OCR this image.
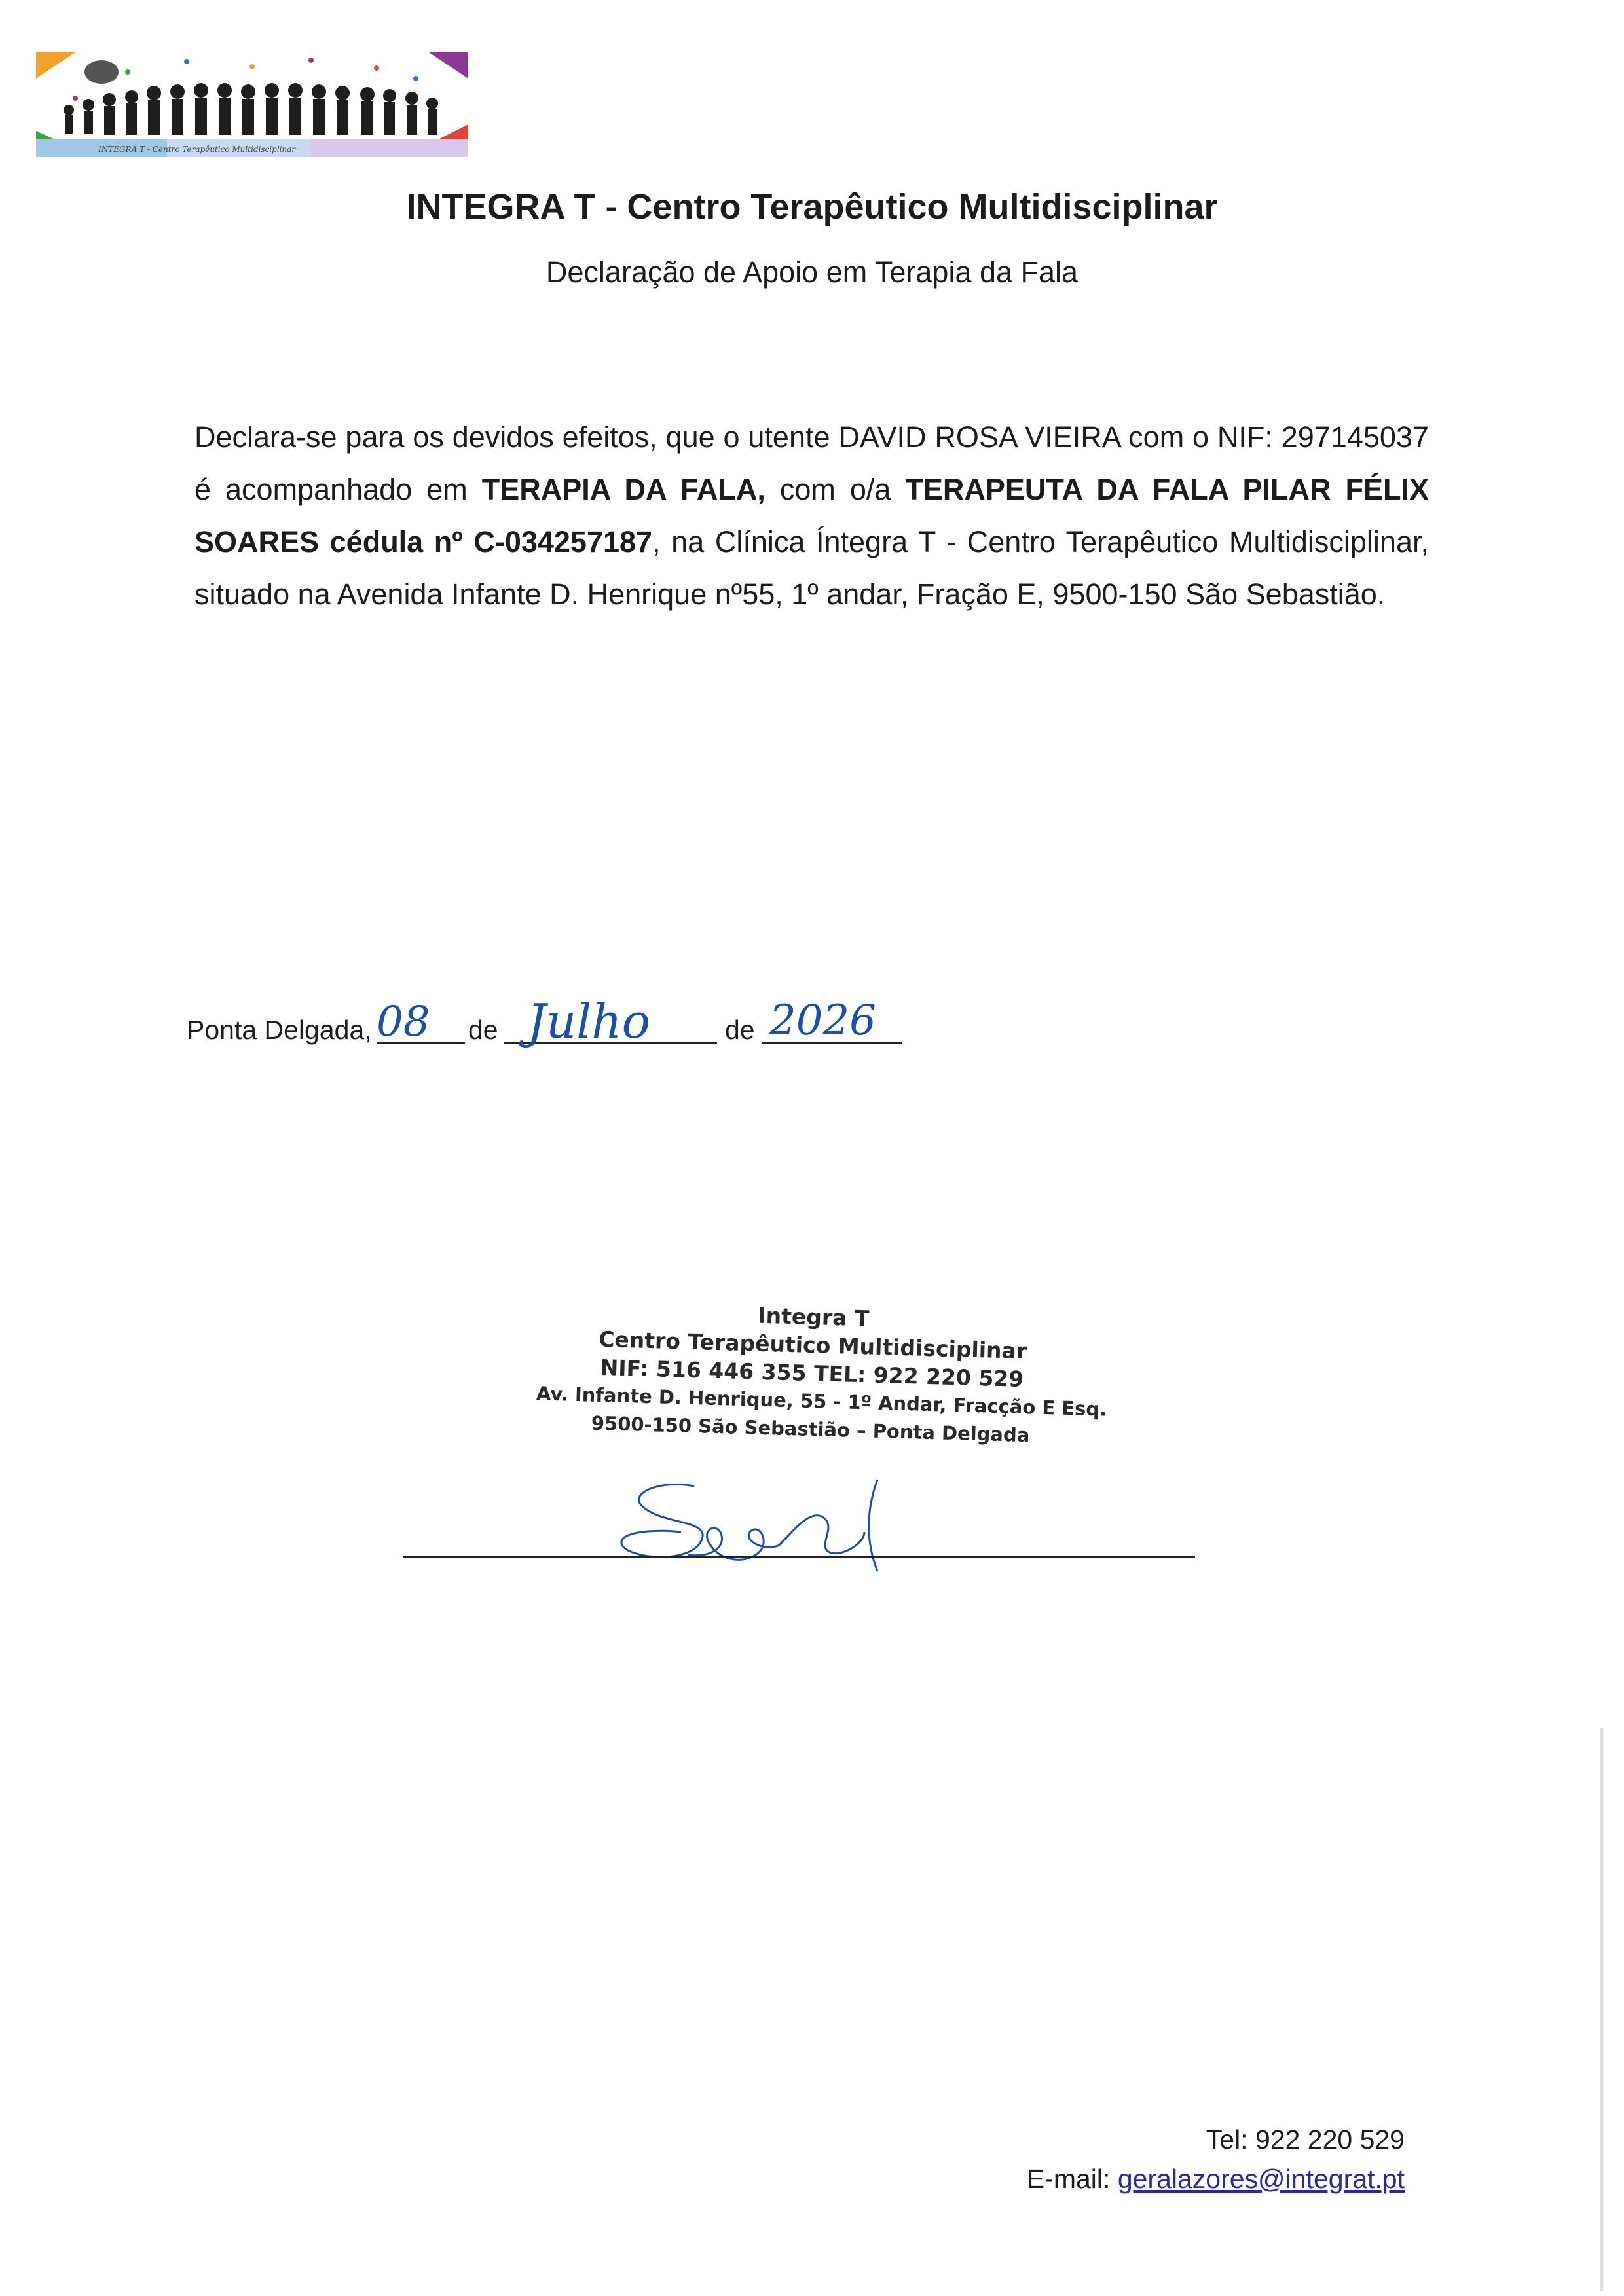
INTEGRA T - Centro Terapêutico Multidisciplinar
INTEGRA T - Centro Terapêutico Multidisciplinar
Declaração de Apoio em Terapia da Fala
Declara-se para os devidos efeitos, que o utente DAVID ROSA VIEIRA com o NIF: 297145037 é acompanhado em TERAPIA DA FALA, com o/a TERAPEUTA DA FALA PILAR FÉLIX SOARES cédula nº C-034257187, na Clínica Íntegra T - Centro Terapêutico Multidisciplinar, situado na Avenida Infante D. Henrique nº55, 1º andar, Fração E, 9500-150 São Sebastião.
Ponta Delgada, 08 de Julho	de 2026
Integra T
Centro Terapêutico Multidisciplinar
NIF: 516 446 355 TEL: 922 220 529
Av. Infante D. Henrique, 55 - 1º Andar, Fracção E Esq.
9500-150 São Sebastião – Ponta Delgada
Tel: 922 220 529
E-mail: geralazores@integrat.pt
